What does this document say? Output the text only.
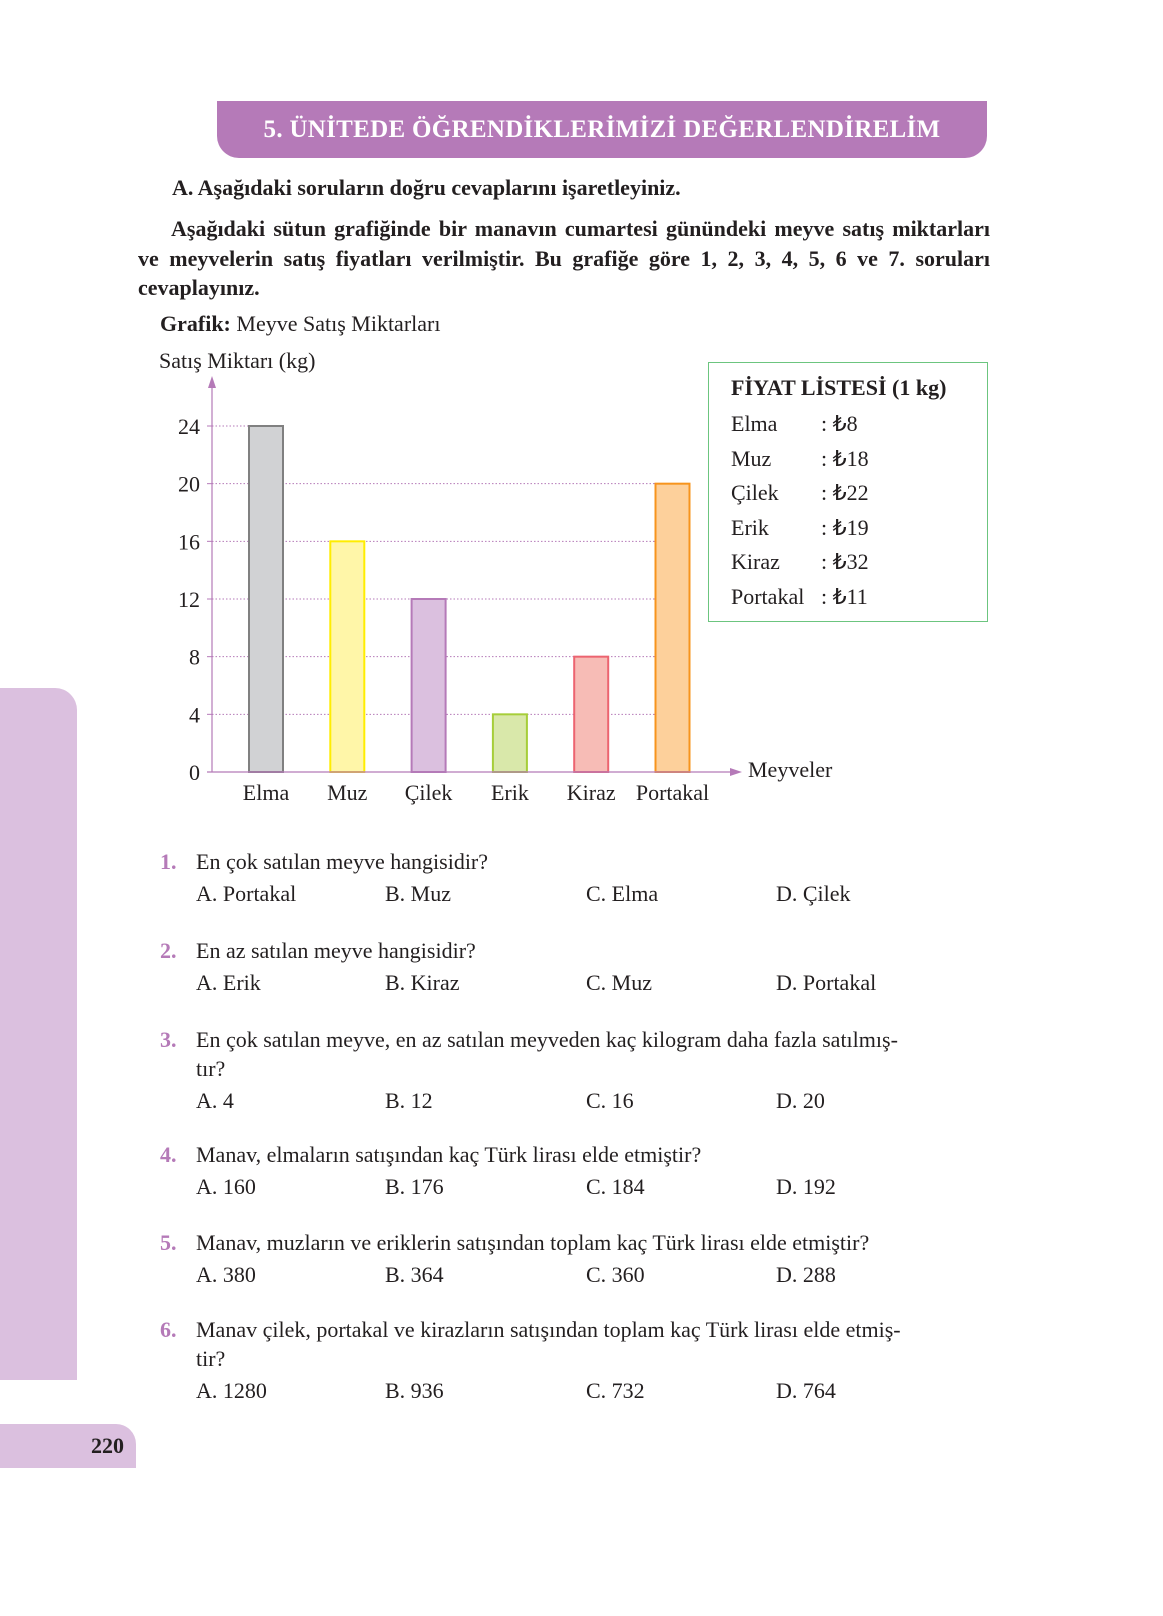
5. ÜNİTEDE ÖĞRENDİKLERİMİZİ DEĞERLENDİRELİM
A. Aşağıdaki soruların doğru cevaplarını işaretleyiniz.
Aşağıdaki sütun grafiğinde bir manavın cumartesi günündeki meyve satış miktarları ve meyvelerin satış fiyatları verilmiştir. Bu grafiğe göre 1, 2, 3, 4, 5, 6 ve 7. soruları cevaplayınız.
Grafik: Meyve Satış Miktarları
0
4
8
12
16
20
24
Elma Muz Çilek Erik Kiraz Portakal
Satış Miktarı (kg)
Meyveler
FİYAT LİSTESİ (1 kg)
Elma : ₺8
Muz : ₺18
Çilek : ₺22
Erik : ₺19
Kiraz : ₺32
Portakal : ₺11
1. En çok satılan meyve hangisidir?
A. Portakal	B. Muz	C. Elma	D. Çilek
2. En az satılan meyve hangisidir?
A. Erik	B. Kiraz	C. Muz	D. Portakal
3. En çok satılan meyve, en az satılan meyveden kaç kilogram daha fazla satılmış-
tır?
A. 4	B. 12	C. 16	D. 20
4. Manav, elmaların satışından kaç Türk lirası elde etmiştir?
A. 160	B. 176	C. 184	D. 192
5. Manav, muzların ve eriklerin satışından toplam kaç Türk lirası elde etmiştir?
A. 380	B. 364	C. 360	D. 288
6. Manav çilek, portakal ve kirazların satışından toplam kaç Türk lirası elde etmiş-
tir?
A. 1280	B. 936	C. 732	D. 764
220
